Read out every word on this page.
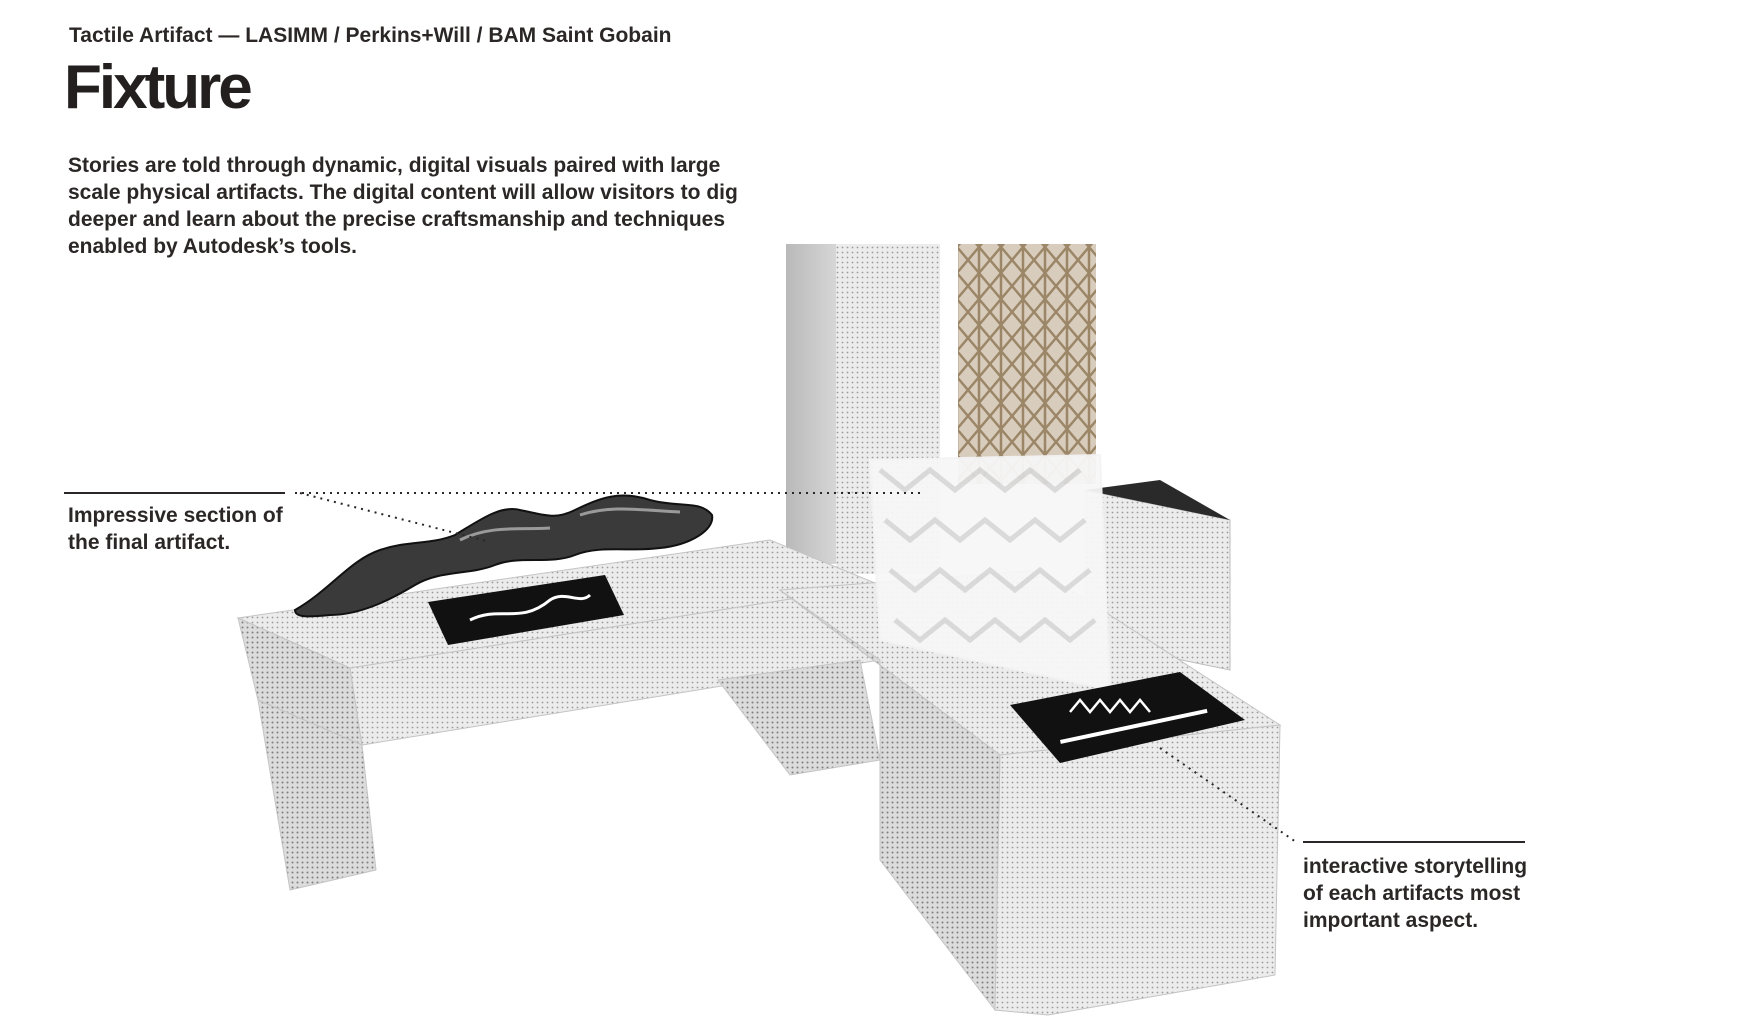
Tactile Artifact — LASIMM / Perkins+Will / BAM Saint Gobain
Fixture
Stories are told through dynamic, digital visuals paired with large scale physical artifacts. The digital content will allow visitors to dig deeper and learn about the precise craftsmanship and techniques enabled by Autodesk’s tools.
Impressive section of the final artifact.
interactive storytelling of each artifacts most important aspect.
